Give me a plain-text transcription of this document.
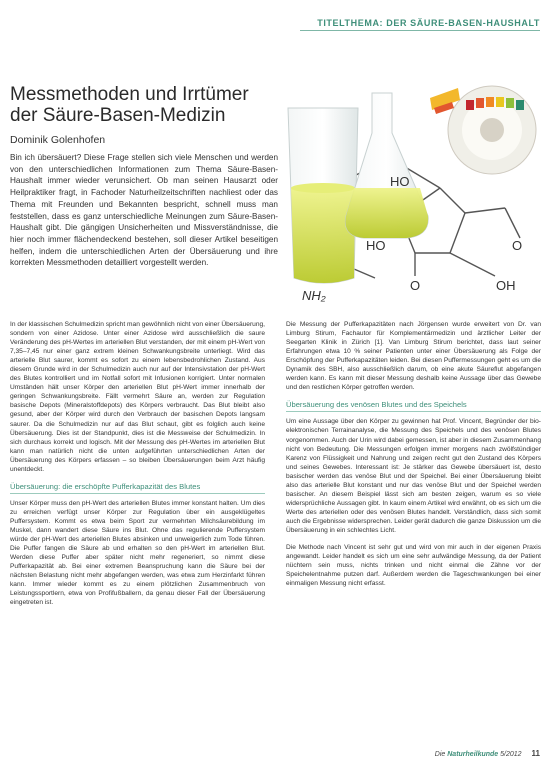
TITELTHEMA: DER SÄURE-BASEN-HAUSHALT
Messmethoden und Irrtümer der Säure-Basen-Medizin
Dominik Golenhofen
Bin ich übersäuert? Diese Frage stellen sich viele Menschen und werden von den unterschiedlichen Informationen zum Thema Säure-Basen-Haushalt immer wieder verunsichert. Ob man seinen Hausarzt oder Heilpraktiker fragt, in Fachoder Naturheilzeitschriften nachliest oder das Thema mit Freunden und Bekannten bespricht, schnell muss man feststellen, dass es ganz unterschiedliche Meinungen zum Säure-Basen-Haushalt gibt. Die gängigen Unsicherheiten und Missverständnisse, die hier noch immer flächendeckend bestehen, soll dieser Artikel beseitigen helfen, indem die unterschiedlichen Arten der Übersäuerung und ihre korrekten Messmethoden detailliert vorgestellt werden.
HO
HO
O
O
OH
NH₂

In der klassischen Schulmedizin spricht man gewöhnlich nicht von einer Übersäuerung, sondern von einer Azidose. Unter einer Azidose wird ausschließlich die saure Veränderung des pH-Wertes im arteriellen Blut verstanden, der mit einem pH-Wert von 7,35–7,45 nur einer ganz extrem kleinen Schwankungsbreite unterliegt. Wird das arterielle Blut saurer, kommt es sofort zu einem lebensbedrohlichen Zustand. Aus diesem Grunde wird in der Schulmedizin auch nur auf der Intensivstation der pH-Wert des Blutes kontrolliert und im Notfall sofort mit Infusionen korrigiert. Unter normalen Umständen hält unser Körper den arteriellen Blut pH-Wert immer innerhalb der geringen Schwankungsbreite. Fällt vermehrt Säure an, werden zur Regulation basische Depots (Mineralstoffdepots) des Körpers verbraucht. Das Blut bleibt also gesund, aber der Körper wird durch den Verbrauch der basischen Depots langsam saurer. Da die Schulmedizin nur auf das Blut schaut, gibt es folglich auch keine Übersäuerung. Dies ist der Standpunkt, dies ist die Messweise der Schulmedizin. In sich durchaus korrekt und logisch. Mit der Messung des pH-Wertes im arteriellen Blut kann man natürlich nicht die unten aufgeführten unterschiedlichen Arten der Übersäuerung des Körpers erfassen – so bleiben Übersäuerungen beim Arzt häufig unentdeckt.

Übersäuerung: die erschöpfte Pufferkapazität des Blutes

Unser Körper muss den pH-Wert des arteriellen Blutes immer konstant halten. Um dies zu erreichen verfügt unser Körper zur Regulation über ein ausgeklügeltes Puffersystem. Kommt es etwa beim Sport zur vermehrten Milchsäurebildung im Muskel, dann wandert diese Säure ins Blut. Ohne das regulierende Puffersystem würde der pH-Wert des arteriellen Blutes absinken und unweigerlich zum Tode führen. Die Puffer fangen die Säure ab und erhalten so den pH-Wert im arteriellen Blut. Werden diese Puffer aber später nicht mehr regeneriert, so nimmt diese Pufferkapazität ab. Bei einer extremen Beanspruchung kann die Säure bei der nächsten Belastung nicht mehr abgefangen werden, was etwa zum Herzinfarkt führen kann. Immer wieder kommt es zu einem plötzlichen Zusammenbruch von Leistungssportlern, etwa von Profifußballern, da genau dieser Fall der Übersäuerung eingetreten ist.

Die Messung der Pufferkapazitäten nach Jörgensen wurde erweitert von Dr. van Limburg Stirum, Fachautor für Komplementärmedizin und ärztlicher Leiter der Seegarten Klinik in Zürich [1]. Van Limburg Stirum berichtet, dass laut seiner Erfahrungen etwa 10 % seiner Patienten unter einer Übersäuerung als Folge der Erschöpfung der Pufferkapazitäten leiden. Bei diesen Puffermessungen geht es um die Dynamik des SBH, also ausschließlich darum, ob eine akute Säureflut abgefangen werden kann. Es kann mit dieser Messung deshalb keine Aussage über das Gewebe und den restlichen Körper getroffen werden.

Übersäuerung des venösen Blutes und des Speichels

Um eine Aussage über den Körper zu gewinnen hat Prof. Vincent, Begründer der bio-elektronischen Terrainanalyse, die Messung des Speichels und des venösen Blutes vorgenommen. Auch der Urin wird dabei gemessen, ist aber in diesem Zusammenhang nicht von Bedeutung. Die Messungen erfolgen immer morgens nach zwölfstündiger Karenz von Flüssigkeit und Nahrung und zeigen recht gut den Zustand des Körpers und seines Gewebes. Interessant ist: Je stärker das Gewebe übersäuert ist, desto basischer werden das venöse Blut und der Speichel. Bei einer Übersäuerung bleibt also das arterielle Blut konstant und nur das venöse Blut und der Speichel werden basischer. An diesem Beispiel lässt sich am besten zeigen, warum es so viele widersprüchliche Aussagen gibt. In kaum einem Artikel wird erwähnt, ob es sich um die Werte des arteriellen oder des venösen Blutes handelt. Verständlich, dass sich somit auch die Ergebnisse widersprechen. Leider gerät dadurch die ganze Diskussion um die Übersäuerung in ein schlechtes Licht.

Die Methode nach Vincent ist sehr gut und wird von mir auch in der eigenen Praxis angewandt. Leider handelt es sich um eine sehr aufwändige Messung, da der Patient nüchtern sein muss, nichts trinken und nicht einmal die Zähne vor der Speichelentnahme putzen darf. Außerdem werden die Tageschwankungen bei einer einmaligen Messung nicht erfasst.

Die Naturheilkunde 5/2012 11
